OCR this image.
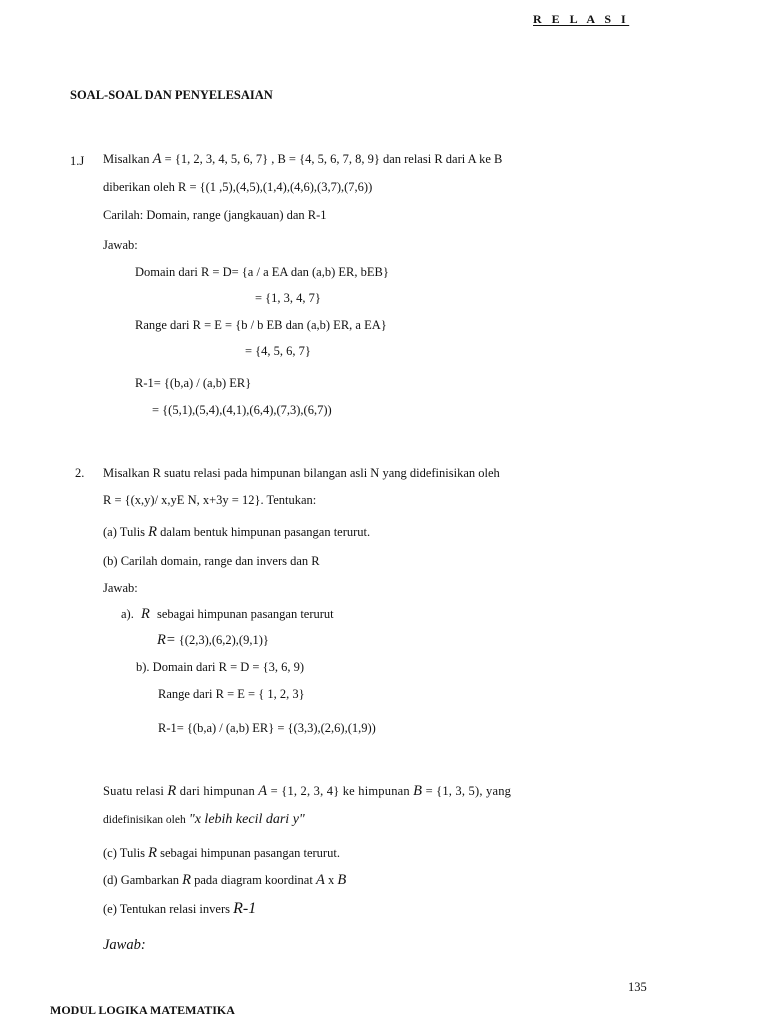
R E L A S I
SOAL-SOAL DAN PENYELESAIAN
1.J Misalkan A = {1, 2, 3, 4, 5, 6, 7} , B = {4, 5, 6, 7, 8, 9} dan relasi R dari A ke B
diberikan oleh R = {(1 ,5),(4,5),(1,4),(4,6),(3,7),(7,6))
Carilah: Domain, range (jangkauan) dan R-1
Jawab:
Domain dari R = D= {a / a EA dan (a,b) ER, bEB}
= {1, 3, 4, 7}
Range dari R = E = {b / b EB dan (a,b) ER, a EA}
= {4, 5, 6, 7}
R-1= {(b,a) / (a,b) ER}
= {(5,1),(5,4),(4,1),(6,4),(7,3),(6,7))
2. Misalkan R suatu relasi pada himpunan bilangan asli N yang didefinisikan oleh
R = {(x,y)/ x,yE N, x+3y = 12}. Tentukan:
(a) Tulis R dalam bentuk himpunan pasangan terurut.
(b) Carilah domain, range dan invers dan R
Jawab:
a). R sebagai himpunan pasangan terurut
R= {(2,3),(6,2),(9,1)}
b). Domain dari R = D = {3, 6, 9)
Range dari R = E = { 1, 2, 3}
R-1= {(b,a) / (a,b) ER} = {(3,3),(2,6),(1,9))
Suatu relasi R dari himpunan A = {1, 2, 3, 4} ke himpunan B = {1, 3, 5), yang
didefinisikan oleh "x lebih kecil dari y"
(c) Tulis R sebagai himpunan pasangan terurut.
(d) Gambarkan R pada diagram koordinat A x B
(e) Tentukan relasi invers R-1
Jawab:
135
MODUL LOGIKA MATEMATIKA
